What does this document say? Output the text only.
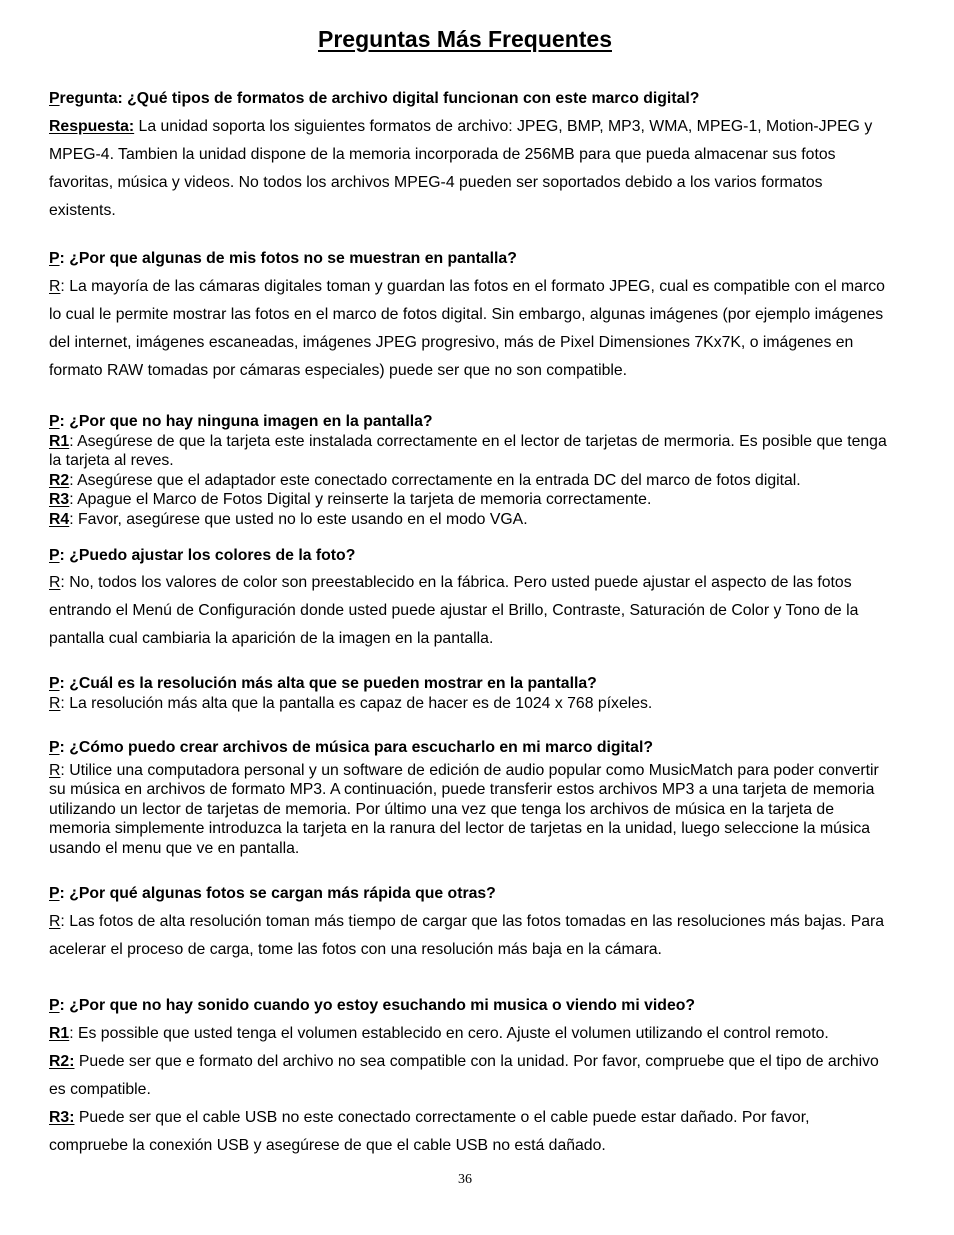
Preguntas Más Frequentes

Pregunta: ¿Qué tipos de formatos de archivo digital funcionan con este marco digital?

Respuesta: La unidad soporta los siguientes formatos de archivo: JPEG, BMP, MP3, WMA, MPEG-1, Motion-JPEG y MPEG-4. Tambien la unidad dispone de la memoria incorporada de 256MB para que pueda almacenar sus fotos favoritas, música y videos. No todos los archivos MPEG-4 pueden ser soportados debido a los varios formatos existents.

P: ¿Por que algunas de mis fotos no se muestran en pantalla?

R: La mayoría de las cámaras digitales toman y guardan las fotos en el formato JPEG, cual es compatible con el marco lo cual le permite mostrar las fotos en el marco de fotos digital. Sin embargo, algunas imágenes (por ejemplo imágenes del internet, imágenes escaneadas, imágenes JPEG progresivo, más de Pixel Dimensiones 7Kx7K, o imágenes en formato RAW tomadas por cámaras especiales) puede ser que no son compatible.

P: ¿Por que no hay ninguna imagen en la pantalla?

R1: Asegúrese de que la tarjeta este instalada correctamente en el lector de tarjetas de mermoria. Es posible que tenga la tarjeta al reves.

R2: Asegúrese que el adaptador este conectado correctamente en la entrada DC del marco de fotos digital.

R3: Apague el Marco de Fotos Digital y reinserte la tarjeta de memoria correctamente.

R4: Favor, asegúrese que usted no lo este usando en el modo VGA.

P: ¿Puedo ajustar los colores de la foto?

R: No, todos los valores de color son preestablecido en la fábrica. Pero usted puede ajustar el aspecto de las fotos entrando el Menú de Configuración donde usted puede ajustar el Brillo, Contraste, Saturación de Color y Tono de la pantalla cual cambiaria la aparición de la imagen en la pantalla.

P: ¿Cuál es la resolución más alta que se pueden mostrar en la pantalla?

R: La resolución más alta que la pantalla es capaz de hacer es de 1024 x 768 píxeles.

P: ¿Cómo puedo crear archivos de música para escucharlo en mi marco digital?

R: Utilice una computadora personal y un software de edición de audio popular como MusicMatch para poder convertir su música en archivos de formato MP3. A continuación, puede transferir estos archivos MP3 a una tarjeta de memoria utilizando un lector de tarjetas de memoria. Por último una vez que tenga los archivos de música en la tarjeta de memoria simplemente introduzca la tarjeta en la ranura del lector de tarjetas en la unidad, luego seleccione la música usando el menu que ve en pantalla.

P: ¿Por qué algunas fotos se cargan más rápida que otras?

R: Las fotos de alta resolución toman más tiempo de cargar que las fotos tomadas en las resoluciones más bajas. Para acelerar el proceso de carga, tome las fotos con una resolución más baja en la cámara.

P: ¿Por que no hay sonido cuando yo estoy esuchando mi musica o viendo mi video?

R1: Es possible que usted tenga el volumen establecido en cero. Ajuste el volumen utilizando el control remoto.

R2: Puede ser que e formato del archivo no sea compatible con la unidad. Por favor, compruebe que el tipo de archivo es compatible.

R3: Puede ser que el cable USB no este conectado correctamente o el cable puede estar dañado. Por favor, compruebe la conexión USB y asegúrese de que el cable USB no está dañado.

36
